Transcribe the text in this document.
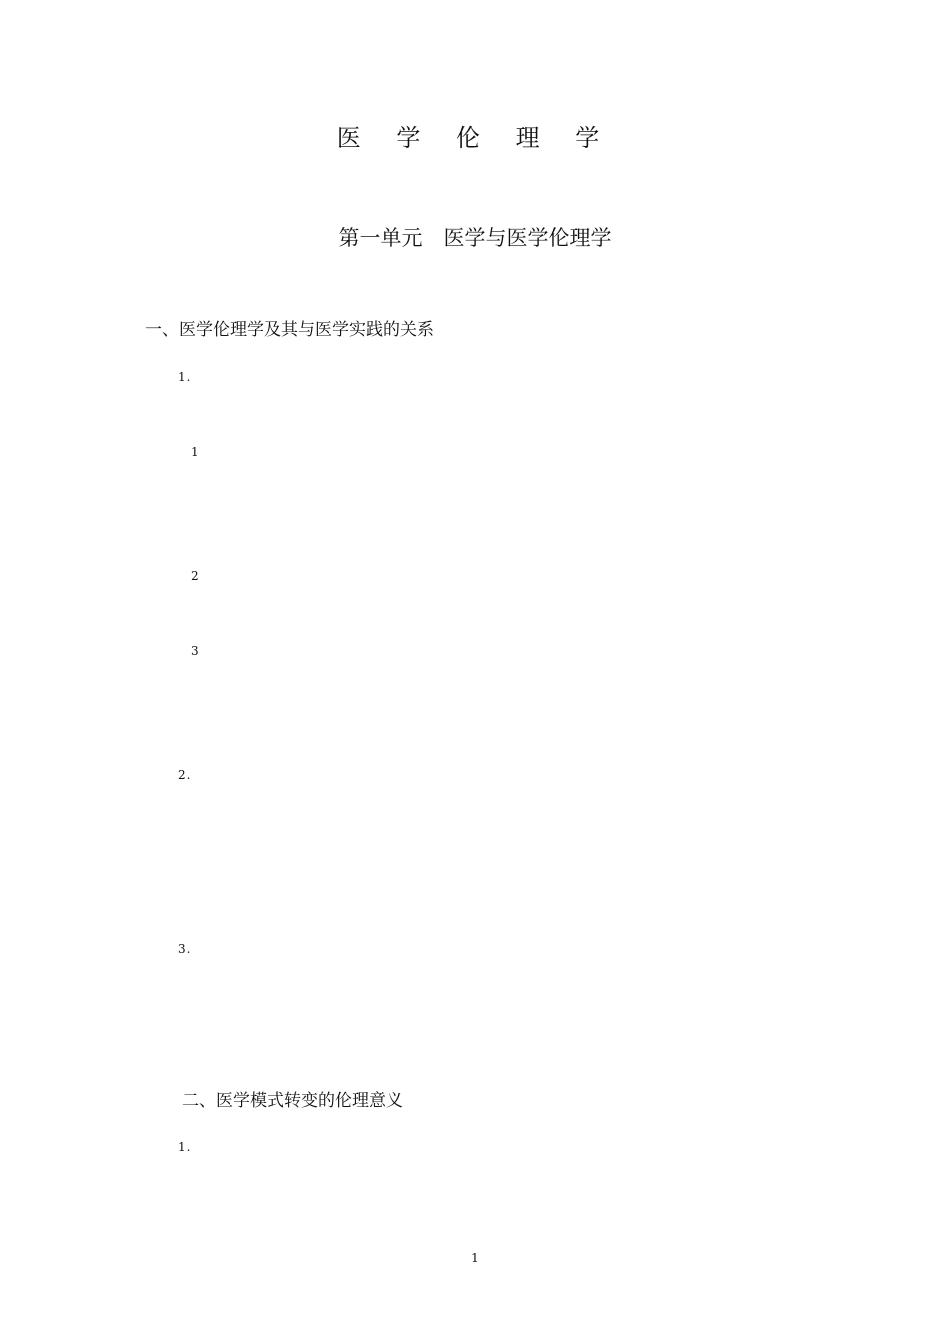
医 学 伦 理 学
第一单元　医学与医学伦理学
一、医学伦理学及其与医学实践的关系
1.

　1　　　　　　　　　　　　　　　　　　　　　　　　　　　　

　2　　　　　　　　　　　　　　　　　　　　　　　　　　　　

　3　　　　　　　　　　　　　　　　　　　　　　　　　　　　

2.　　　　　　　　　　　　　

3.　　　　　　　　

二、医学模式转变的伦理意义
1.　　　　　　　　　　　　　　　　　　　　　　

1
